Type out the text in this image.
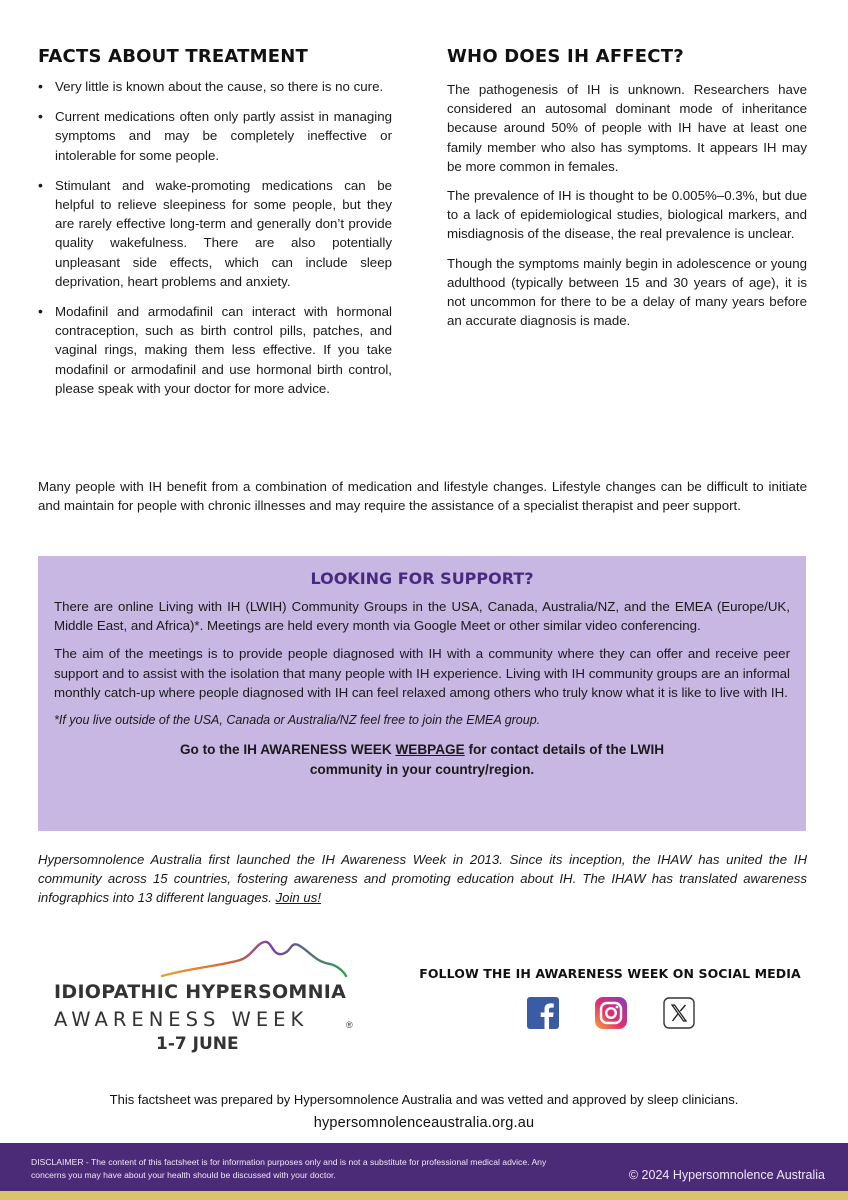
FACTS ABOUT TREATMENT
• Very little is known about the cause, so there is no cure.
• Current medications often only partly assist in managing symptoms and may be completely ineffective or intolerable for some people.
• Stimulant and wake-promoting medications can be helpful to relieve sleepiness for some people, but they are rarely effective long-term and generally don’t provide quality wakefulness. There are also potentially unpleasant side effects, which can include sleep deprivation, heart problems and anxiety.
• Modafinil and armodafinil can interact with hormonal contraception, such as birth control pills, patches, and vaginal rings, making them less effective. If you take modafinil or armodafinil and use hormonal birth control, please speak with your doctor for more advice.
WHO DOES IH AFFECT?

The pathogenesis of IH is unknown. Researchers have considered an autosomal dominant mode of inheritance because around 50% of people with IH have at least one family member who also has symptoms. It appears IH may be more common in females.

The prevalence of IH is thought to be 0.005%–0.3%, but due to a lack of epidemiological studies, biological markers, and misdiagnosis of the disease, the real prevalence is unclear.

Though the symptoms mainly begin in adolescence or young adulthood (typically between 15 and 30 years of age), it is not uncommon for there to be a delay of many years before an accurate diagnosis is made.

Many people with IH benefit from a combination of medication and lifestyle changes. Lifestyle changes can be difficult to initiate and maintain for people with chronic illnesses and may require the assistance of a specialist therapist and peer support.

LOOKING FOR SUPPORT?

There are online Living with IH (LWIH) Community Groups in the USA, Canada, Australia/NZ, and the EMEA (Europe/UK, Middle East, and Africa)*. Meetings are held every month via Google Meet or other similar video conferencing.

The aim of the meetings is to provide people diagnosed with IH with a community where they can offer and receive peer support and to assist with the isolation that many people with IH experience. Living with IH community groups are an informal monthly catch-up where people diagnosed with IH can feel relaxed among others who truly know what it is like to live with IH.

*If you live outside of the USA, Canada or Australia/NZ feel free to join the EMEA group.

Go to the IH AWARENESS WEEK WEBPAGE for contact details of the LWIH community in your country/region.

Hypersomnolence Australia first launched the IH Awareness Week in 2013. Since its inception, the IHAW has united the IH community across 15 countries, fostering awareness and promoting education about IH. The IHAW has translated awareness infographics into 13 different languages. Join us!

IDIOPATHIC HYPERSOMNIA
AWARENESS WEEK	®
1-7 JUNE
FOLLOW THE IH AWARENESS WEEK ON SOCIAL MEDIA
This factsheet was prepared by Hypersomnolence Australia and was vetted and approved by sleep clinicians.
hypersomnolenceaustralia.org.au
DISCLAIMER - The content of this factsheet is for information purposes only and is not a substitute for professional medical advice. Any concerns you may have about your health should be discussed with your doctor.	© 2024 Hypersomnolence Australia
